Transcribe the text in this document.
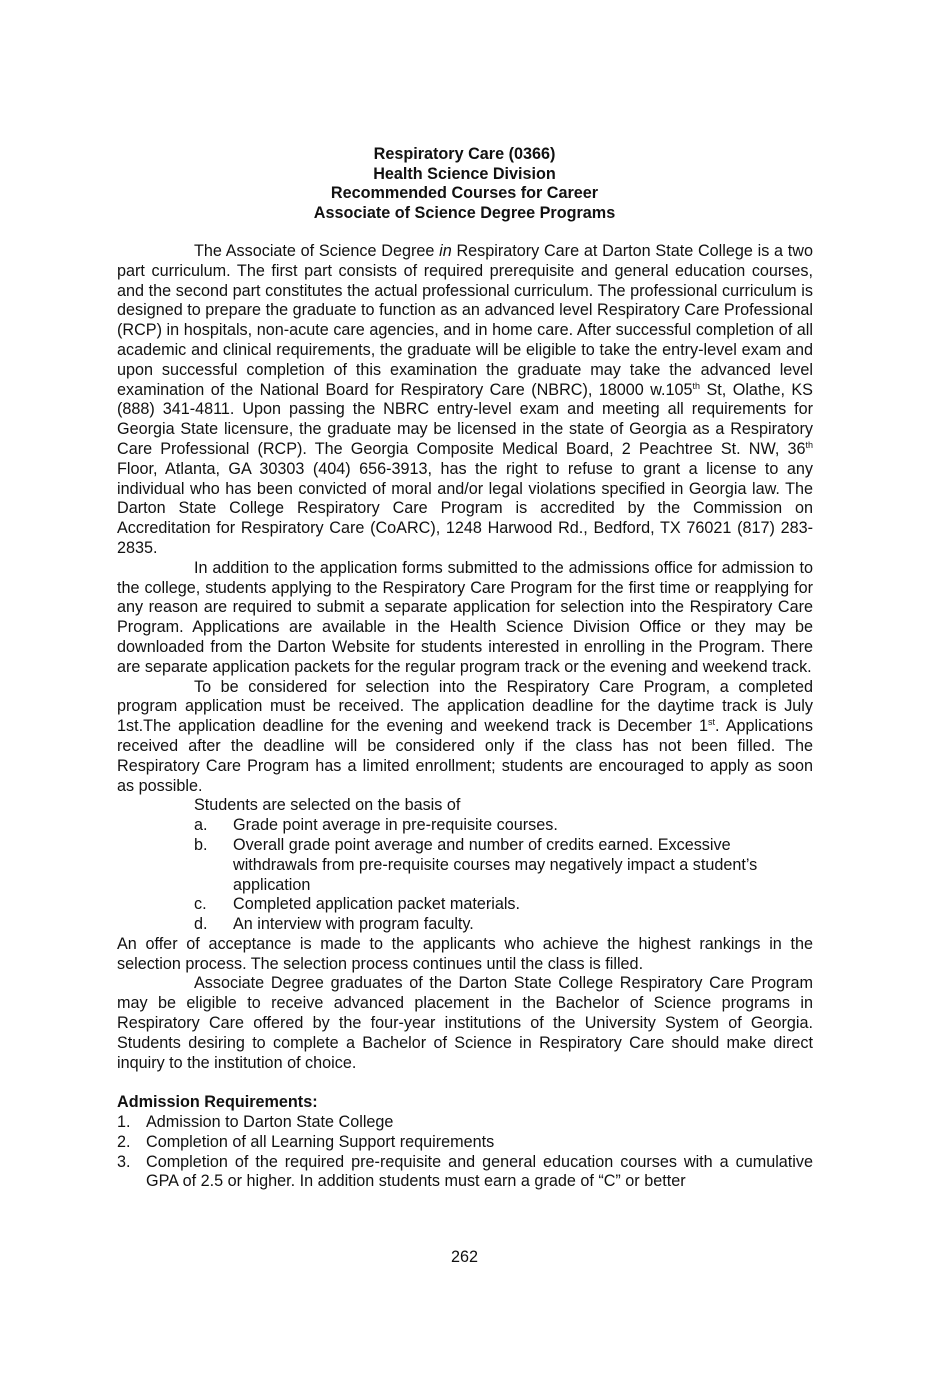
Respiratory Care (0366)
Health Science Division
Recommended Courses for Career
Associate of Science Degree Programs

The Associate of Science Degree in Respiratory Care at Darton State College is a two part curriculum. The first part consists of required prerequisite and general education courses, and the second part constitutes the actual professional curriculum. The professional curriculum is designed to prepare the graduate to function as an advanced level Respiratory Care Professional (RCP) in hospitals, non-acute care agencies, and in home care. After successful completion of all academic and clinical requirements, the graduate will be eligible to take the entry-level exam and upon successful completion of this examination the graduate may take the advanced level examination of the National Board for Respiratory Care (NBRC), 18000 w.105th St, Olathe, KS (888) 341-4811. Upon passing the NBRC entry-level exam and meeting all requirements for Georgia State licensure, the graduate may be licensed in the state of Georgia as a Respiratory Care Professional (RCP). The Georgia Composite Medical Board, 2 Peachtree St. NW, 36th Floor, Atlanta, GA 30303 (404) 656-3913, has the right to refuse to grant a license to any individual who has been convicted of moral and/or legal violations specified in Georgia law. The Darton State College Respiratory Care Program is accredited by the Commission on Accreditation for Respiratory Care (CoARC), 1248 Harwood Rd., Bedford, TX 76021 (817) 283-2835.

In addition to the application forms submitted to the admissions office for admission to the college, students applying to the Respiratory Care Program for the first time or reapplying for any reason are required to submit a separate application for selection into the Respiratory Care Program. Applications are available in the Health Science Division Office or they may be downloaded from the Darton Website for students interested in enrolling in the Program. There are separate application packets for the regular program track or the evening and weekend track.

To be considered for selection into the Respiratory Care Program, a completed program application must be received. The application deadline for the daytime track is July 1st.The application deadline for the evening and weekend track is December 1st. Applications received after the deadline will be considered only if the class has not been filled. The Respiratory Care Program has a limited enrollment; students are encouraged to apply as soon as possible.

Students are selected on the basis of
a. Grade point average in pre-requisite courses.
b. Overall grade point average and number of credits earned. Excessive withdrawals from pre-requisite courses may negatively impact a student’s application
c. Completed application packet materials.
d. An interview with program faculty.

An offer of acceptance is made to the applicants who achieve the highest rankings in the selection process. The selection process continues until the class is filled.

Associate Degree graduates of the Darton State College Respiratory Care Program may be eligible to receive advanced placement in the Bachelor of Science programs in Respiratory Care offered by the four-year institutions of the University System of Georgia. Students desiring to complete a Bachelor of Science in Respiratory Care should make direct inquiry to the institution of choice.

Admission Requirements:
1. Admission to Darton State College
2. Completion of all Learning Support requirements
3. Completion of the required pre-requisite and general education courses with a cumulative GPA of 2.5 or higher. In addition students must earn a grade of “C” or better
262
